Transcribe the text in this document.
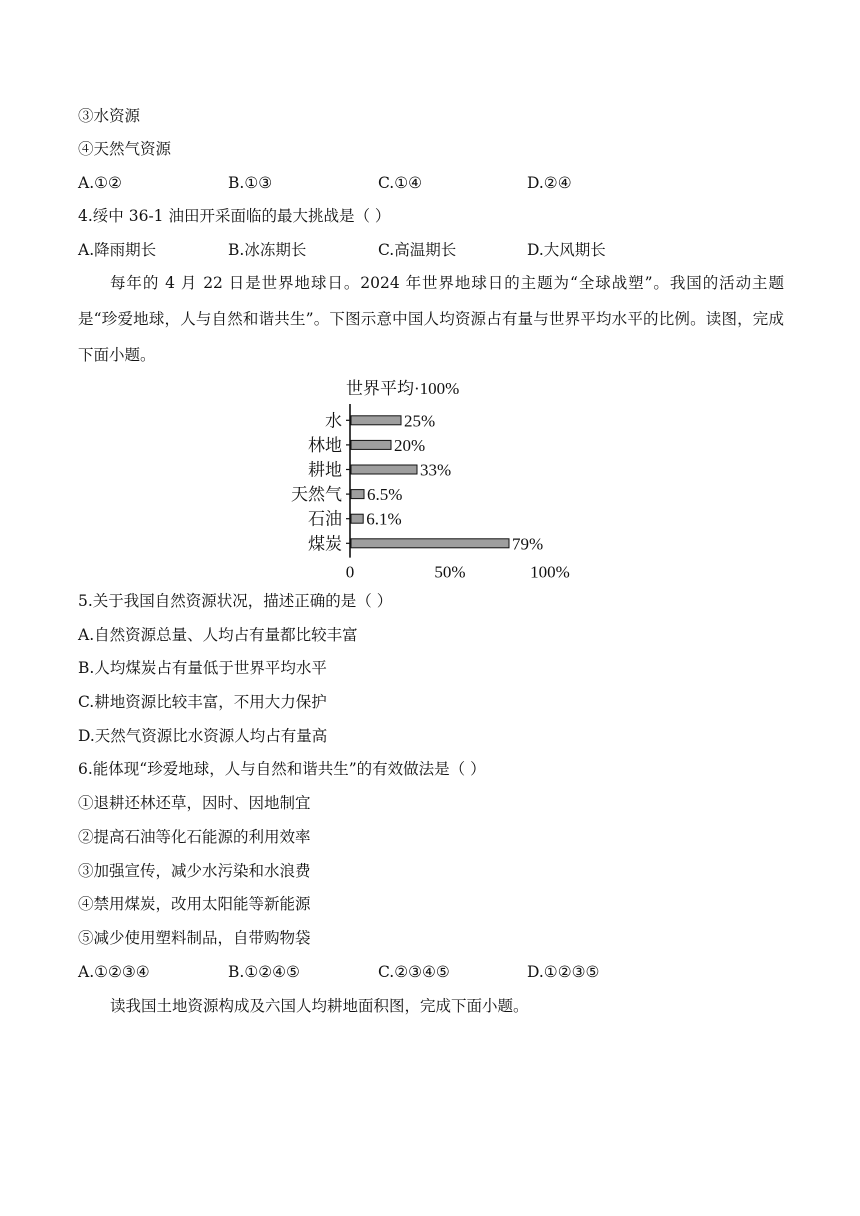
③水资源
④天然气资源
A.①②	B.①③	C.①④	D.②④
4.绥中 36-1 油田开采面临的最大挑战是（ ）
A.降雨期长	B.冰冻期长	C.高温期长	D.大风期长
每年的 4 月 22 日是世界地球日。2024 年世界地球日的主题为“全球战塑”。我国的活动主题是“珍爱地球，人与自然和谐共生”。下图示意中国人均资源占有量与世界平均水平的比例。读图，完成下面小题。
世界平均·100%
水	25%
林地	20%
耕地	33%
天然气 6.5%
石油 6.1%
煤炭	79%
0	50%	100%
5.关于我国自然资源状况，描述正确的是（ ）
A.自然资源总量、人均占有量都比较丰富
B.人均煤炭占有量低于世界平均水平
C.耕地资源比较丰富，不用大力保护
D.天然气资源比水资源人均占有量高
6.能体现“珍爱地球，人与自然和谐共生”的有效做法是（ ）
①退耕还林还草，因时、因地制宜
②提高石油等化石能源的利用效率
③加强宣传，减少水污染和水浪费
④禁用煤炭，改用太阳能等新能源
⑤减少使用塑料制品，自带购物袋
A.①②③④	B.①②④⑤	C.②③④⑤	D.①②③⑤
读我国土地资源构成及六国人均耕地面积图，完成下面小题。
